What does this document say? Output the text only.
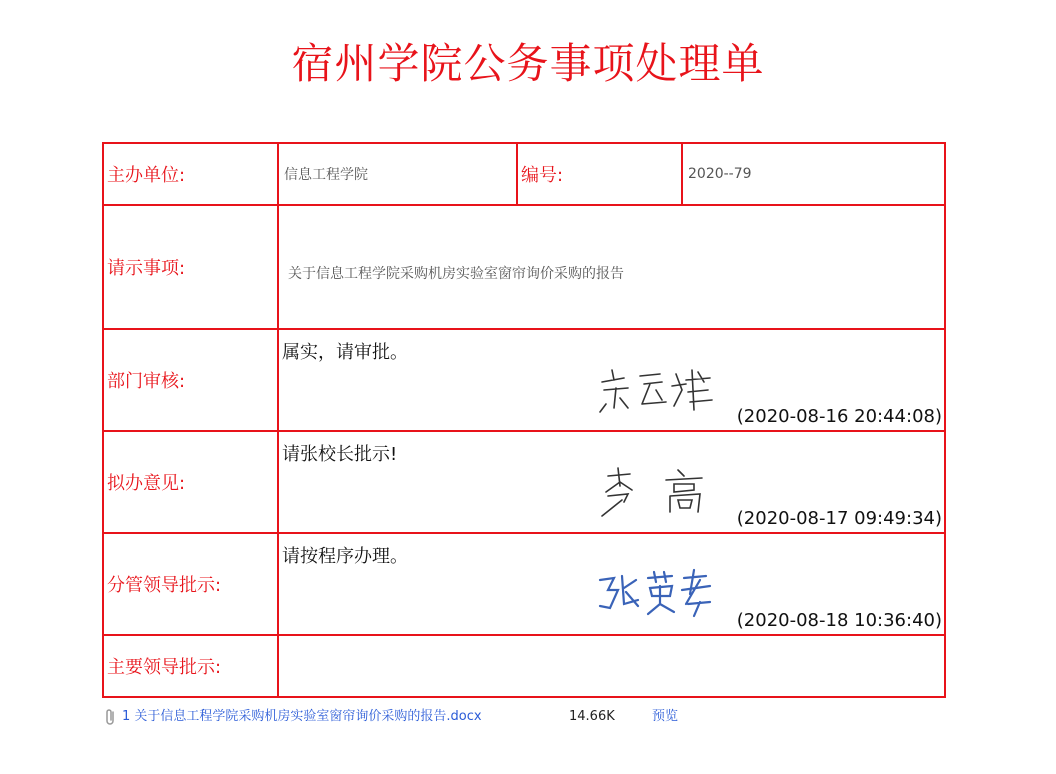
宿州学院公务事项处理单
主办单位:	信息工程学院	编号:	2020--79
请示事项:	关于信息工程学院采购机房实验室窗帘询价采购的报告		
部门审核:	属实，请审批。
(2020-08-16 20:44:08)		

拟办意见:	请张校长批示!
(2020-08-17 09:49:34)		

分管领导批示:	请按程序办理。
(2020-08-18 10:36:40)		

主要领导批示:			
1 关于信息工程学院采购机房实验室窗帘询价采购的报告.docx	14.66K	预览
